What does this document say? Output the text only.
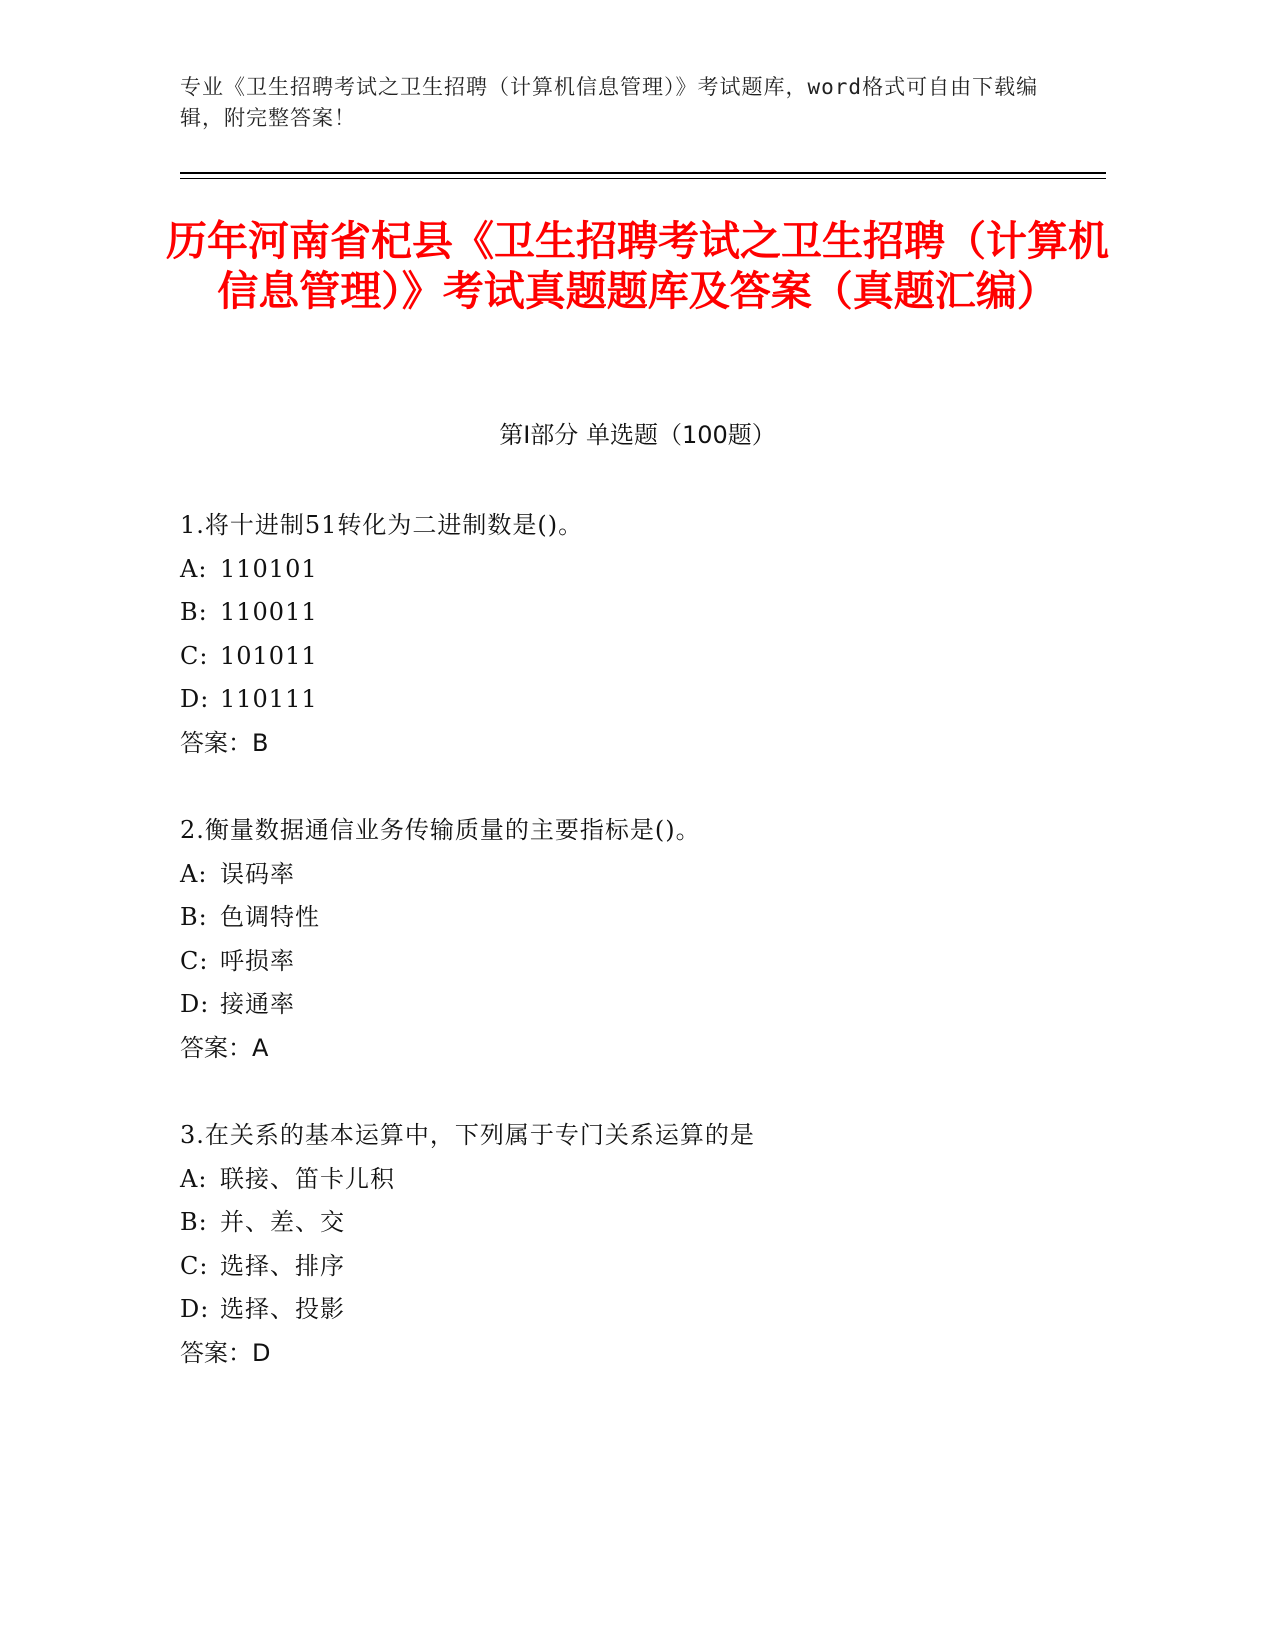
专业《卫生招聘考试之卫生招聘（计算机信息管理）》考试题库，word格式可自由下载编辑，附完整答案！
历年河南省杞县《卫生招聘考试之卫生招聘（计算机信息管理）》考试真题题库及答案（真题汇编）
第Ⅰ部分 单选题（100题）
1.将十进制51转化为二进制数是()。
A: 110101
B: 110011
C: 101011
D: 110111
答案：B
2.衡量数据通信业务传输质量的主要指标是()。
A: 误码率
B: 色调特性
C: 呼损率
D: 接通率
答案：A
3.在关系的基本运算中，下列属于专门关系运算的是
A: 联接、笛卡儿积
B: 并、差、交
C: 选择、排序
D: 选择、投影
答案：D
